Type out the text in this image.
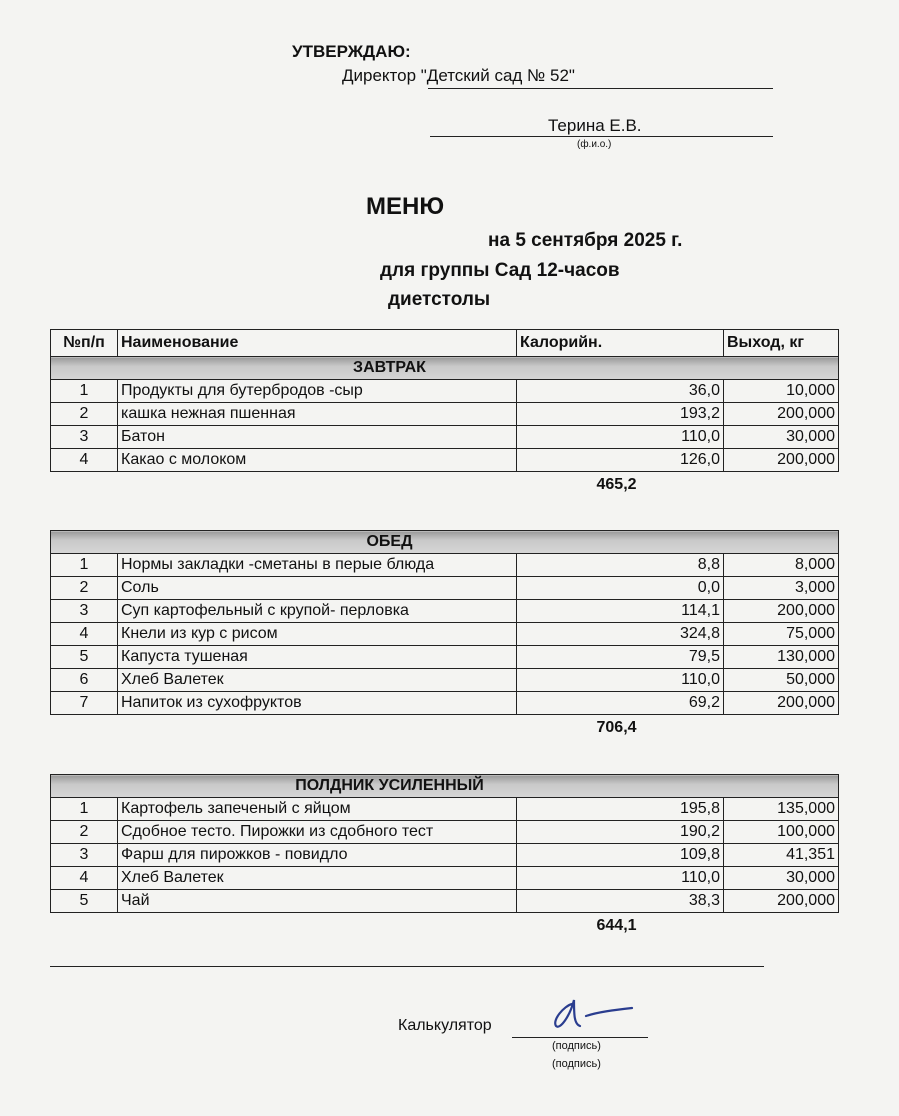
УТВЕРЖДАЮ:
Директор "Детский сад № 52"
Терина Е.В.
(ф.и.о.)
МЕНЮ
на 5 сентября 2025 г.
для группы Сад 12-часов
диетстолы
№п/п	Наименование	Калорийн.	Выход, кг
ЗАВТРАК			
1	Продукты для бутербродов -сыр	36,0	10,000
2	кашка нежная пшенная	193,2	200,000
3	Батон	110,0	30,000
4	Какао с молоком	126,0	200,000
		465,2	
ОБЕД			
1	Нормы закладки -сметаны в перые блюда	8,8	8,000
2	Соль	0,0	3,000
3	Суп картофельный с крупой- перловка	114,1	200,000
4	Кнели из кур с рисом	324,8	75,000
5	Капуста тушеная	79,5	130,000
6	Хлеб Валетек	110,0	50,000
7	Напиток из сухофруктов	69,2	200,000
		706,4	
ПОЛДНИК УСИЛЕННЫЙ			
1	Картофель запеченый с яйцом	195,8	135,000
2	Сдобное тесто. Пирожки из сдобного тест	190,2	100,000
3	Фарш для пирожков - повидло	109,8	41,351
4	Хлеб Валетек	110,0	30,000
5	Чай	38,3	200,000
		644,1	
Калькулятор
(подпись)
(подпись)
